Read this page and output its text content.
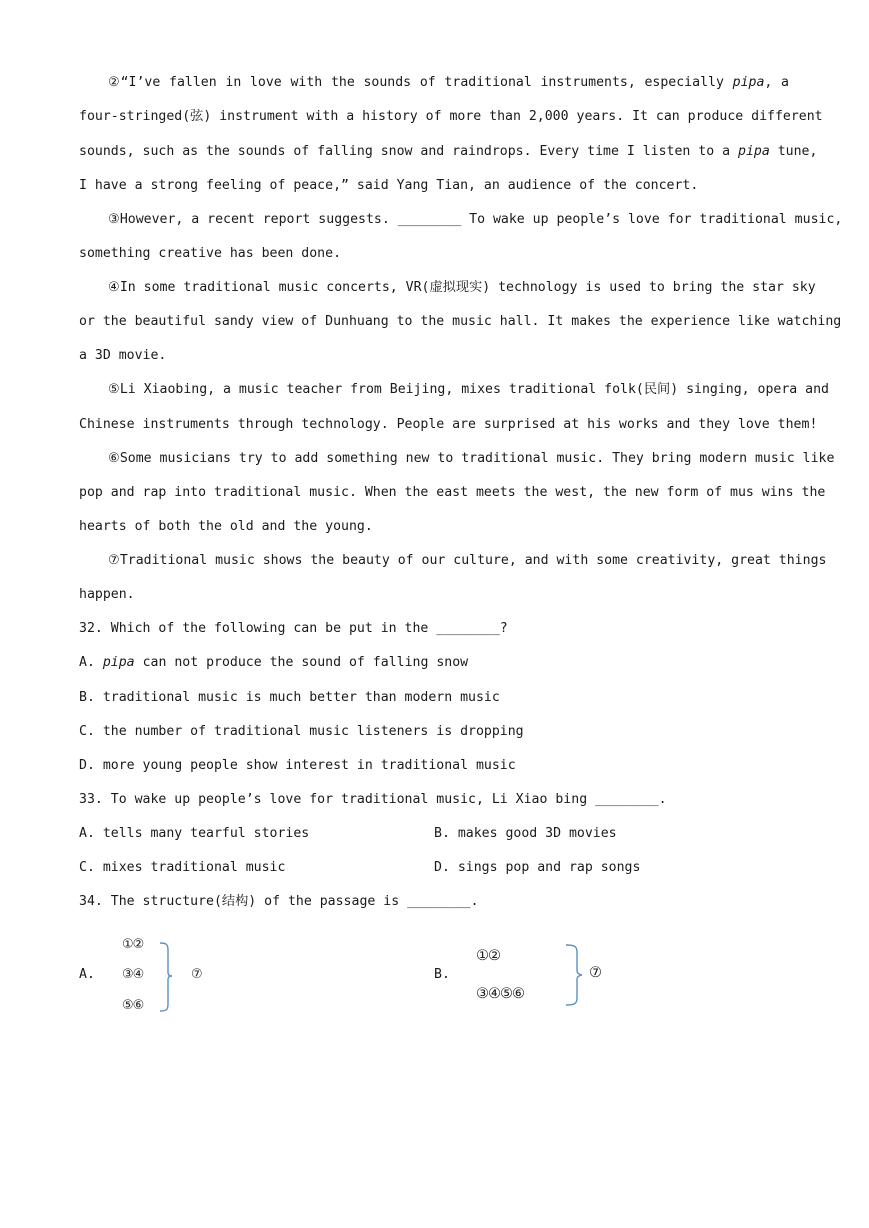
②“I’ve fallen in love with the sounds of traditional instruments, especially pipa, a
four-stringed(弦) instrument with a history of more than 2,000 years. It can produce different
sounds, such as the sounds of falling snow and raindrops. Every time I listen to a pipa tune,
I have a strong feeling of peace,” said Yang Tian, an audience of the concert.
③However, a recent report suggests. ________ To wake up people’s love for traditional music,
something creative has been done.
④In some traditional music concerts, VR(虚拟现实) technology is used to bring the star sky
or the beautiful sandy view of Dunhuang to the music hall. It makes the experience like watching
a 3D movie.
⑤Li Xiaobing, a music teacher from Beijing, mixes traditional folk(民间) singing, opera and
Chinese instruments through technology. People are surprised at his works and they love them!
⑥Some musicians try to add something new to traditional music. They bring modern music like
pop and rap into traditional music. When the east meets the west, the new form of mus wins the
hearts of both the old and the young.
⑦Traditional music shows the beauty of our culture, and with some creativity, great things
happen.
32. Which of the following can be put in the ________?
A. pipa can not produce the sound of falling snow
B. traditional music is much better than modern music
C. the number of traditional music listeners is dropping
D. more young people show interest in traditional music
33. To wake up people’s love for traditional music, Li Xiao bing ________.
A. tells many tearful stories	B. makes good 3D movies
C. mixes traditional music	D. sings pop and rap songs
34. The structure(结构) of the passage is ________.
A.
①②
③④
⑤⑥
⑦	B.
①②
③④⑤⑥
⑦
